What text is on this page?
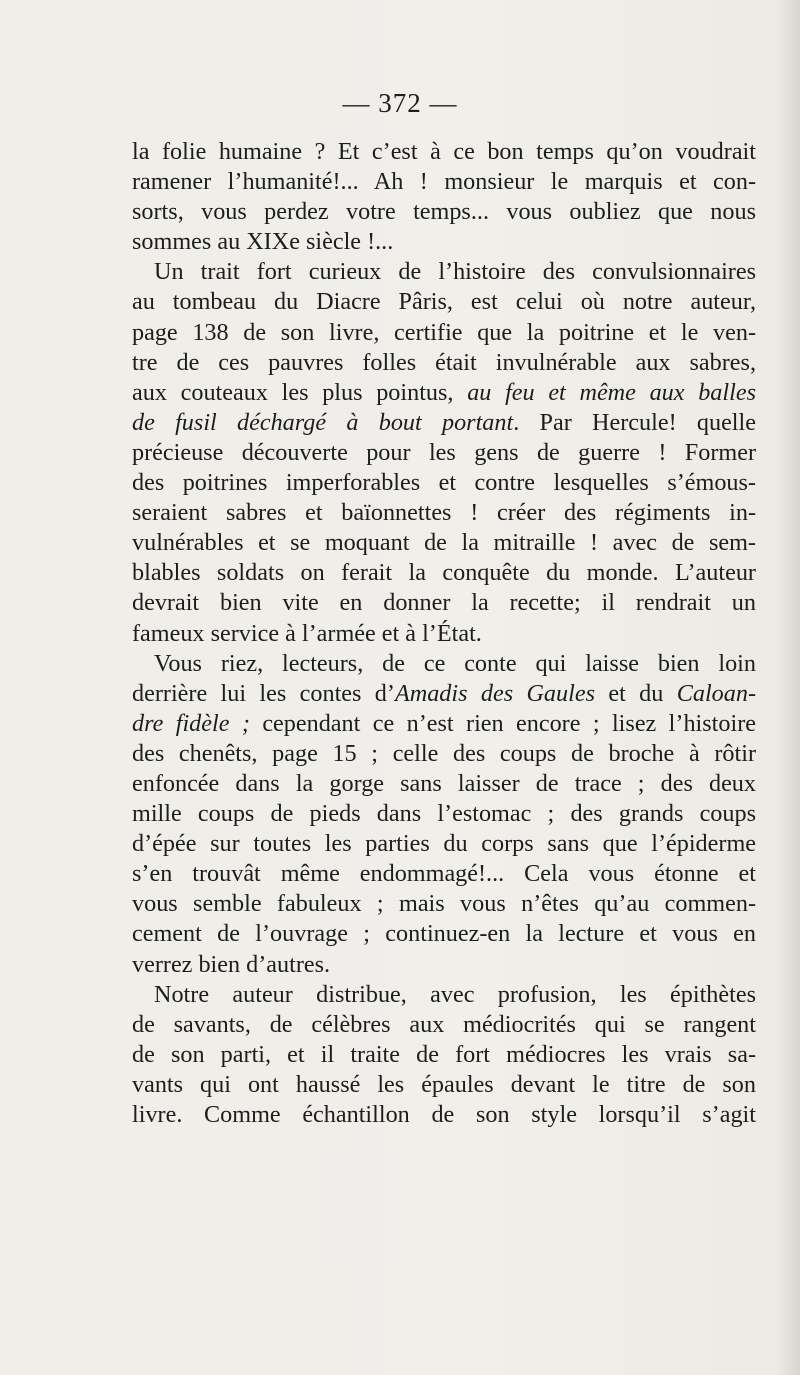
— 372 —
la folie humaine ? Et c’est à ce bon temps qu’on voudrait
ramener l’humanité!... Ah ! monsieur le marquis et con-
sorts, vous perdez votre temps... vous oubliez que nous
sommes au XIXe siècle !...
Un trait fort curieux de l’histoire des convulsionnaires
au tombeau du Diacre Pâris, est celui où notre auteur,
page 138 de son livre, certifie que la poitrine et le ven-
tre de ces pauvres folles était invulnérable aux sabres,
aux couteaux les plus pointus, au feu et même aux balles
de fusil déchargé à bout portant. Par Hercule! quelle
précieuse découverte pour les gens de guerre ! Former
des poitrines imperforables et contre lesquelles s’émous-
seraient sabres et baïonnettes ! créer des régiments in-
vulnérables et se moquant de la mitraille ! avec de sem-
blables soldats on ferait la conquête du monde. L’auteur
devrait bien vite en donner la recette; il rendrait un
fameux service à l’armée et à l’État.
Vous riez, lecteurs, de ce conte qui laisse bien loin
derrière lui les contes d’Amadis des Gaules et du Caloan-
dre fidèle ; cependant ce n’est rien encore ; lisez l’histoire
des chenêts, page 15 ; celle des coups de broche à rôtir
enfoncée dans la gorge sans laisser de trace ; des deux
mille coups de pieds dans l’estomac ; des grands coups
d’épée sur toutes les parties du corps sans que l’épiderme
s’en trouvât même endommagé!... Cela vous étonne et
vous semble fabuleux ; mais vous n’êtes qu’au commen-
cement de l’ouvrage ; continuez-en la lecture et vous en
verrez bien d’autres.
Notre auteur distribue, avec profusion, les épithètes
de savants, de célèbres aux médiocrités qui se rangent
de son parti, et il traite de fort médiocres les vrais sa-
vants qui ont haussé les épaules devant le titre de son
livre. Comme échantillon de son style lorsqu’il s’agit
